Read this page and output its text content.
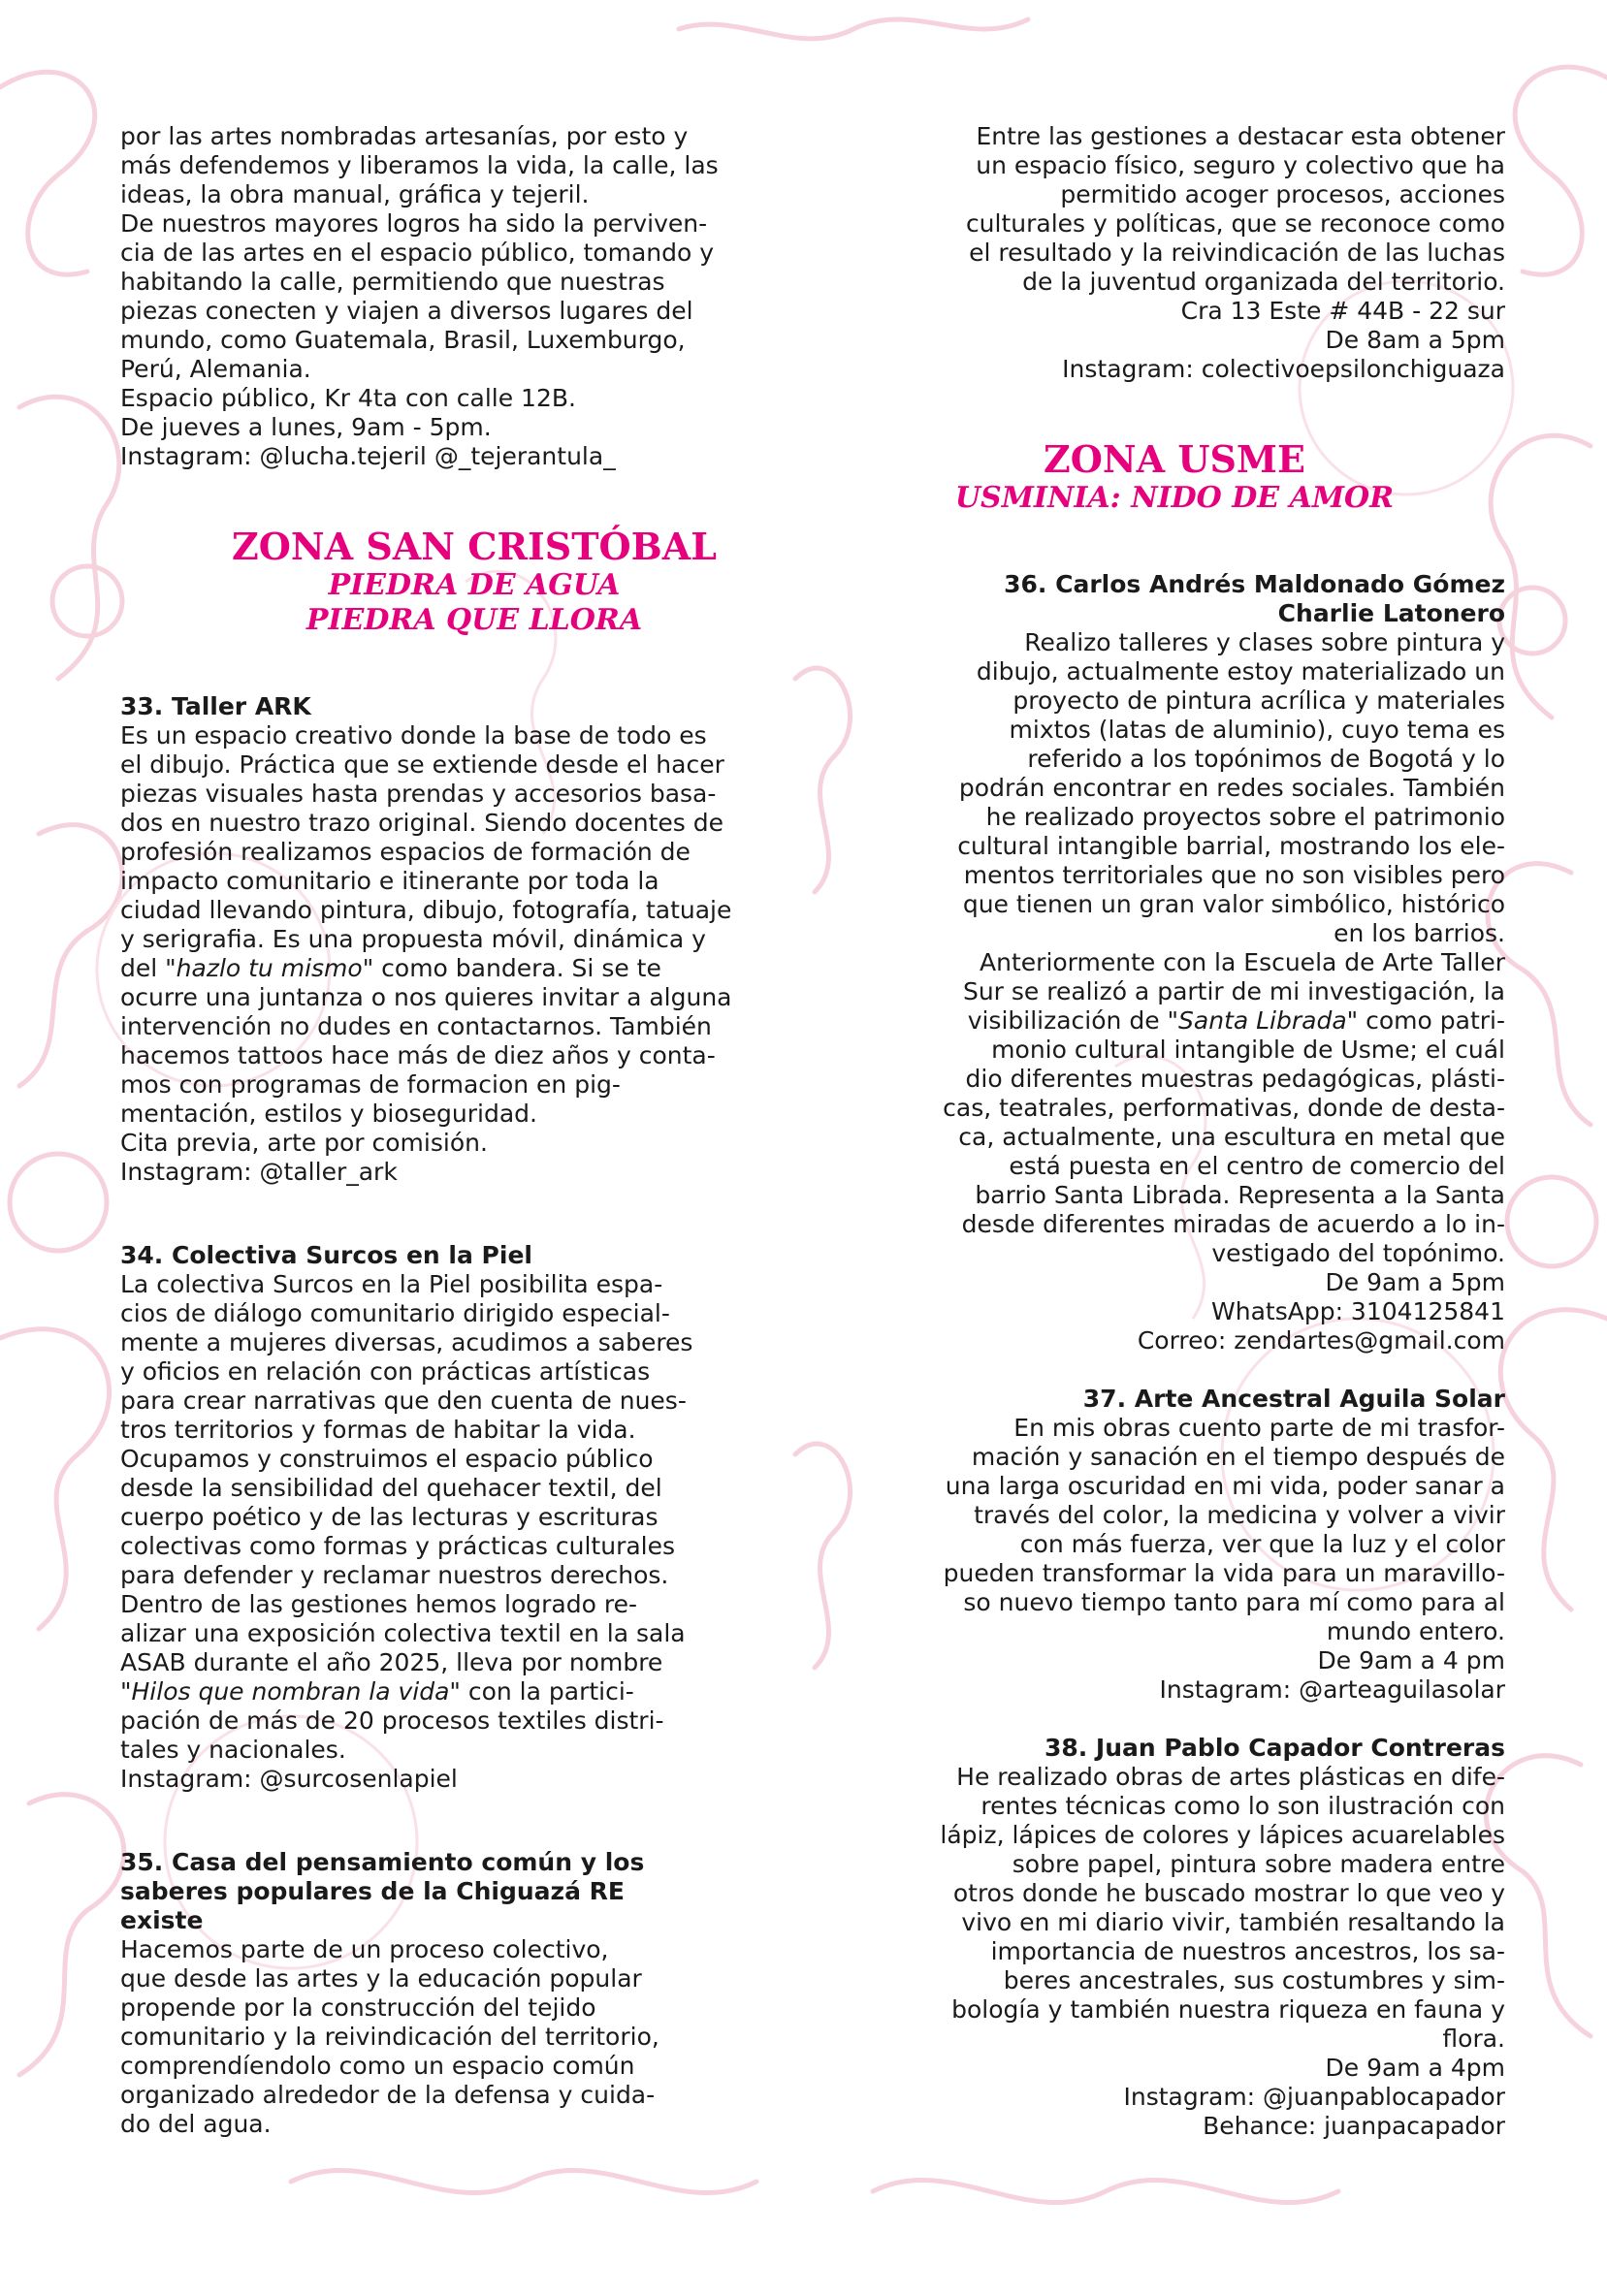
por las artes nombradas artesanías, por esto y
más defendemos y liberamos la vida, la calle, las
ideas, la obra manual, gráfica y tejeril.
De nuestros mayores logros ha sido la perviven-
cia de las artes en el espacio público, tomando y
habitando la calle, permitiendo que nuestras
piezas conecten y viajen a diversos lugares del
mundo, como Guatemala, Brasil, Luxemburgo,
Perú, Alemania.
Espacio público, Kr 4ta con calle 12B.
De jueves a lunes, 9am - 5pm.
Instagram: @lucha.tejeril @_tejerantula_

ZONA SAN CRISTÓBAL
PIEDRA DE AGUA
PIEDRA QUE LLORA
33. Taller ARK

Es un espacio creativo donde la base de todo es
el dibujo. Práctica que se extiende desde el hacer
piezas visuales hasta prendas y accesorios basa-
dos en nuestro trazo original. Siendo docentes de
profesión realizamos espacios de formación de
impacto comunitario e itinerante por toda la
ciudad llevando pintura, dibujo, fotografía, tatuaje
y serigrafia. Es una propuesta móvil, dinámica y
del "hazlo tu mismo" como bandera. Si se te
ocurre una juntanza o nos quieres invitar a alguna
intervención no dudes en contactarnos. También
hacemos tattoos hace más de diez años y conta-
mos con programas de formacion en pig-
mentación, estilos y bioseguridad.
Cita previa, arte por comisión.
Instagram: @taller_ark

34. Colectiva Surcos en la Piel

La colectiva Surcos en la Piel posibilita espa-
cios de diálogo comunitario dirigido especial-
mente a mujeres diversas, acudimos a saberes
y oficios en relación con prácticas artísticas
para crear narrativas que den cuenta de nues-
tros territorios y formas de habitar la vida.
Ocupamos y construimos el espacio público
desde la sensibilidad del quehacer textil, del
cuerpo poético y de las lecturas y escrituras
colectivas como formas y prácticas culturales
para defender y reclamar nuestros derechos.
Dentro de las gestiones hemos logrado re-
alizar una exposición colectiva textil en la sala
ASAB durante el año 2025, lleva por nombre
"Hilos que nombran la vida" con la partici-
pación de más de 20 procesos textiles distri-
tales y nacionales.
Instagram: @surcosenlapiel

35. Casa del pensamiento común y los
saberes populares de la Chiguazá RE
existe

Hacemos parte de un proceso colectivo,
que desde las artes y la educación popular
propende por la construcción del tejido
comunitario y la reivindicación del territorio,
comprendíendolo como un espacio común
organizado alrededor de la defensa y cuida-
do del agua.

Entre las gestiones a destacar esta obtener
un espacio físico, seguro y colectivo que ha
permitido acoger procesos, acciones
culturales y políticas, que se reconoce como
el resultado y la reivindicación de las luchas
de la juventud organizada del territorio.
Cra 13 Este # 44B - 22 sur
De 8am a 5pm
Instagram: colectivoepsilonchiguaza

ZONA USME
USMINIA: NIDO DE AMOR
36. Carlos Andrés Maldonado Gómez
Charlie Latonero

Realizo talleres y clases sobre pintura y
dibujo, actualmente estoy materializado un
proyecto de pintura acrílica y materiales
mixtos (latas de aluminio), cuyo tema es
referido a los topónimos de Bogotá y lo
podrán encontrar en redes sociales. También
he realizado proyectos sobre el patrimonio
cultural intangible barrial, mostrando los ele-
mentos territoriales que no son visibles pero
que tienen un gran valor simbólico, histórico
en los barrios.
Anteriormente con la Escuela de Arte Taller
Sur se realizó a partir de mi investigación, la
visibilización de "Santa Librada" como patri-
monio cultural intangible de Usme; el cuál
dio diferentes muestras pedagógicas, plásti-
cas, teatrales, performativas, donde de desta-
ca, actualmente, una escultura en metal que
está puesta en el centro de comercio del
barrio Santa Librada. Representa a la Santa
desde diferentes miradas de acuerdo a lo in-
vestigado del topónimo.
De 9am a 5pm
WhatsApp: 3104125841
Correo: zendartes@gmail.com

37. Arte Ancestral Aguila Solar

En mis obras cuento parte de mi trasfor-
mación y sanación en el tiempo después de
una larga oscuridad en mi vida, poder sanar a
través del color, la medicina y volver a vivir
con más fuerza, ver que la luz y el color
pueden transformar la vida para un maravillo-
so nuevo tiempo tanto para mí como para al
mundo entero.
De 9am a 4 pm
Instagram: @arteaguilasolar

38. Juan Pablo Capador Contreras

He realizado obras de artes plásticas en dife-
rentes técnicas como lo son ilustración con
lápiz, lápices de colores y lápices acuarelables
sobre papel, pintura sobre madera entre
otros donde he buscado mostrar lo que veo y
vivo en mi diario vivir, también resaltando la
importancia de nuestros ancestros, los sa-
beres ancestrales, sus costumbres y sim-
bología y también nuestra riqueza en fauna y
flora.
De 9am a 4pm
Instagram: @juanpablocapador
Behance: juanpacapador
